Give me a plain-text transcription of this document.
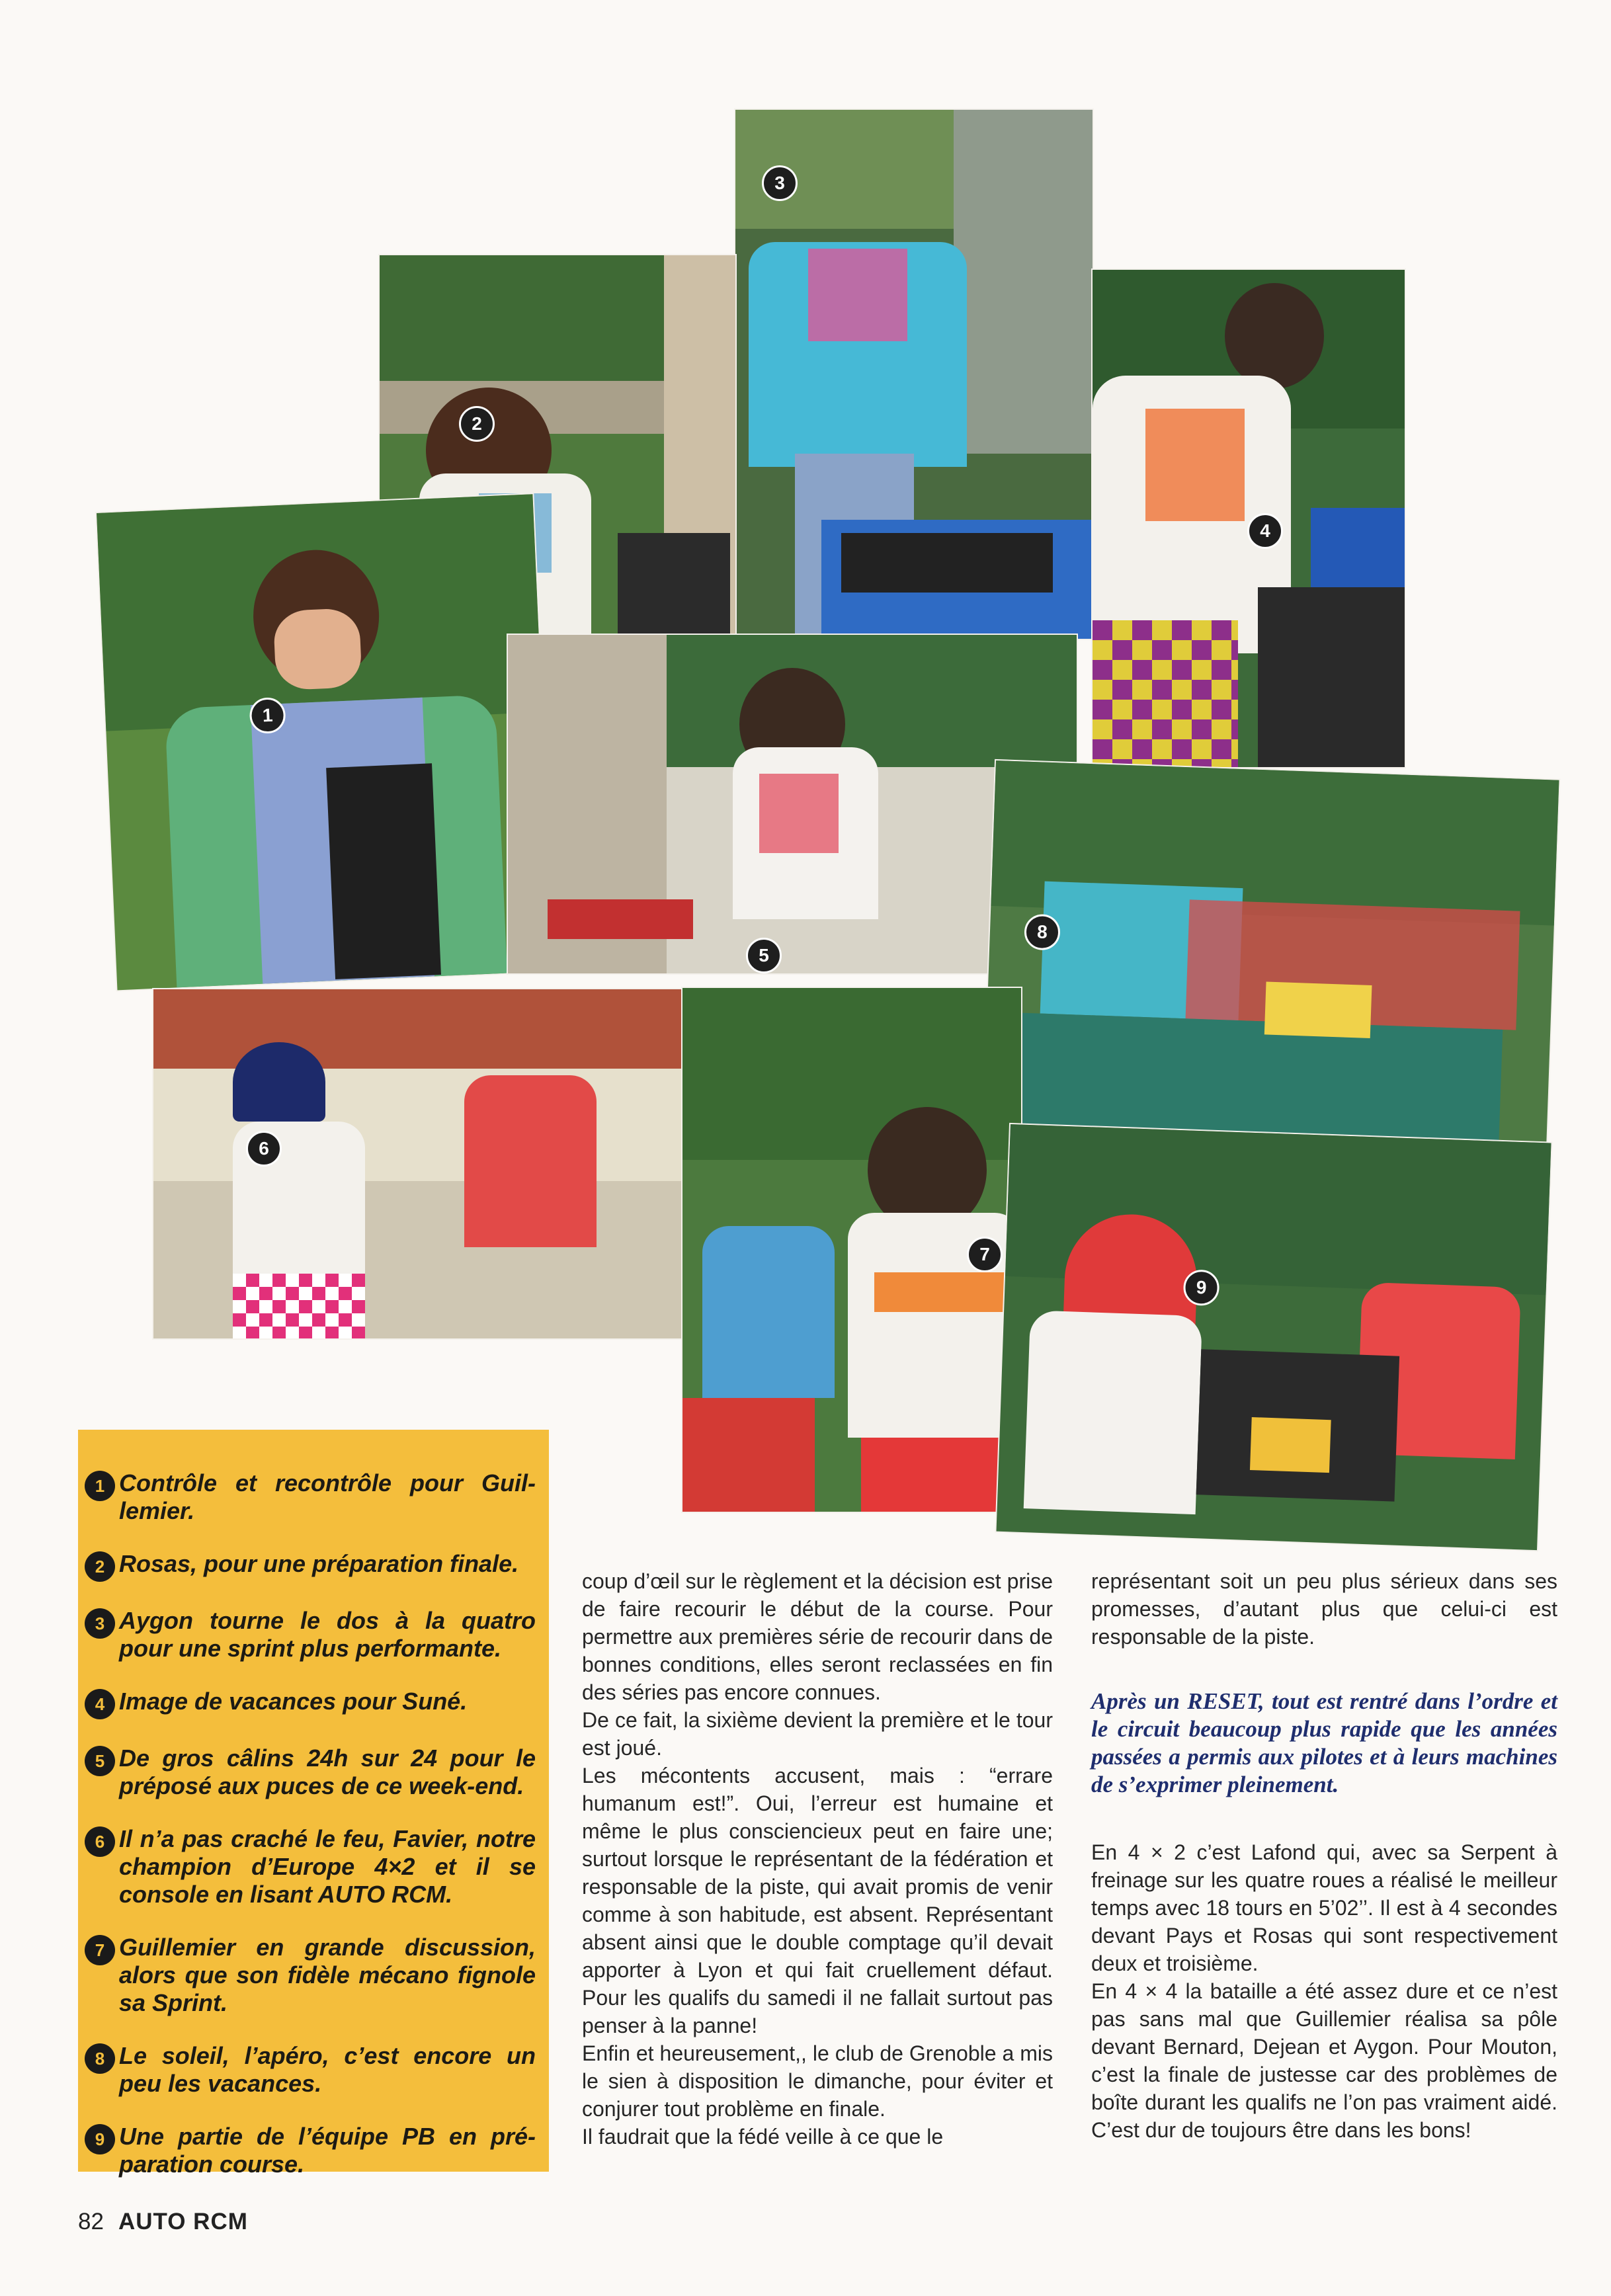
3
2
4
1
5
8
6
7
9
1 Contrôle et recontrôle pour Guillemier.
2 Rosas, pour une préparation finale.
3 Aygon tourne le dos à la quatro pour une sprint plus performante.
4 Image de vacances pour Suné.
5 De gros câlins 24h sur 24 pour le préposé aux puces de ce week-end.
6 Il n’a pas craché le feu, Favier, notre champion d’Europe 4×2 et il se console en lisant AUTO RCM.
7 Guillemier en grande discussion, alors que son fidèle mécano fignole sa Sprint.
8 Le soleil, l’apéro, c’est encore un peu les vacances.
9 Une partie de l’équipe PB en préparation course.

coup d’œil sur le règlement et la décision est prise de faire recourir le début de la course. Pour permettre aux premières série de recourir dans de bonnes conditions, elles seront reclassées en fin des séries pas encore connues.

De ce fait, la sixième devient la première et le tour est joué.

Les mécontents accusent, mais : “errare humanum est!”. Oui, l’erreur est humaine et même le plus consciencieux peut en faire une; surtout lorsque le représentant de la fédération et responsable de la piste, qui avait promis de venir comme à son habitude, est absent. Représentant absent ainsi que le double comptage qu’il devait apporter à Lyon et qui fait cruellement défaut. Pour les qualifs du samedi il ne fallait surtout pas penser à la panne!

Enfin et heureusement,, le club de Grenoble a mis le sien à disposition le dimanche, pour éviter et conjurer tout problème en finale.

Il faudrait que la fédé veille à ce que le

représentant soit un peu plus sérieux dans ses promesses, d’autant plus que celui-ci est responsable de la piste.

Après un RESET, tout est rentré dans l’ordre et le circuit beaucoup plus rapide que les années passées a permis aux pilotes et à leurs machines de s’exprimer pleinement.

En 4 × 2 c’est Lafond qui, avec sa Serpent à freinage sur les quatre roues a réalisé le meilleur temps avec 18 tours en 5’02’’. Il est à 4 secondes devant Pays et Rosas qui sont respectivement deux et troisième.

En 4 × 4 la bataille a été assez dure et ce n’est pas sans mal que Guillemier réalisa sa pôle devant Bernard, Dejean et Aygon. Pour Mouton, c’est la finale de justesse car des problèmes de boîte durant les qualifs ne l’on pas vraiment aidé. C’est dur de toujours être dans les bons!

82 AUTO RCM
